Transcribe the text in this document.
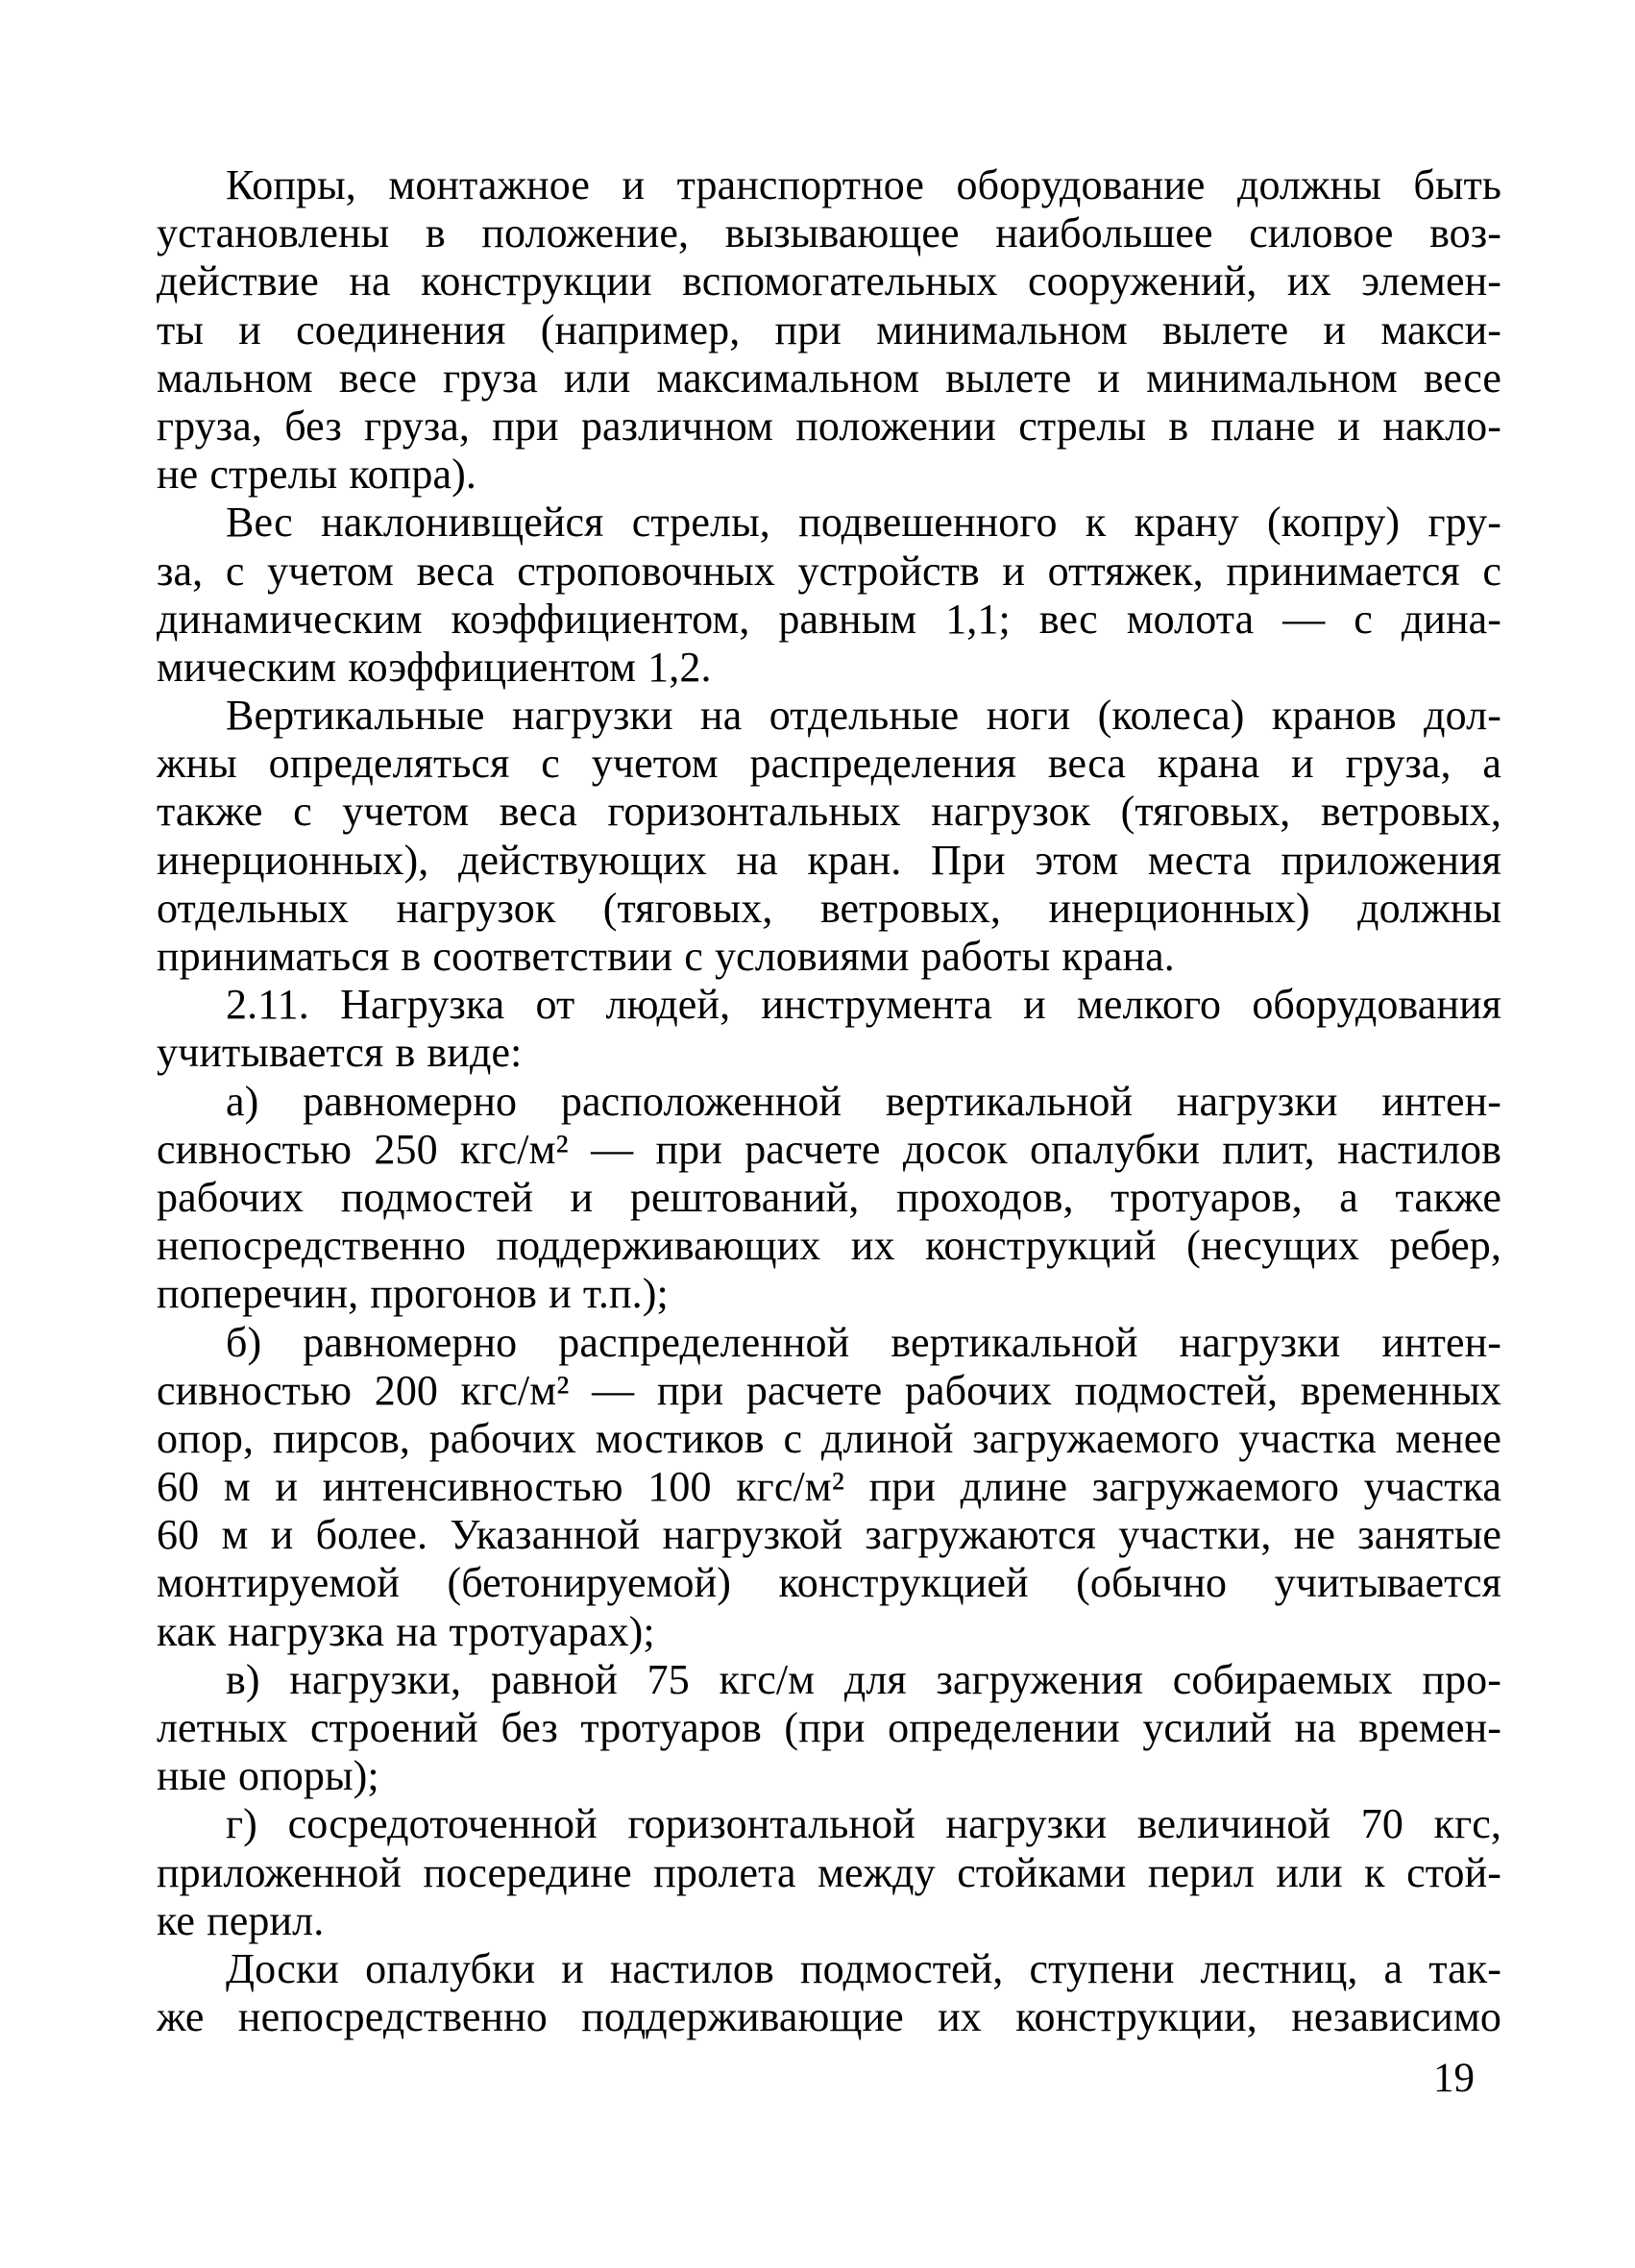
Копры, монтажное и транспортное оборудование должны быть
установлены в положение, вызывающее наибольшее силовое воз-
действие на конструкции вспомогательных сооружений, их элемен-
ты и соединения (например, при минимальном вылете и макси-
мальном весе груза или максимальном вылете и минимальном весе
груза, без груза, при различном положении стрелы в плане и накло-
не стрелы копра).
Вес наклонивщейся стрелы, подвешенного к крану (копру) гру-
за, с учетом веса строповочных устройств и оттяжек, принимается с
динамическим коэффициентом, равным 1,1; вес молота — с дина-
мическим коэффициентом 1,2.
Вертикальные нагрузки на отдельные ноги (колеса) кранов дол-
жны определяться с учетом распределения веса крана и груза, а
также с учетом веса горизонтальных нагрузок (тяговых, ветровых,
инерционных), действующих на кран. При этом места приложения
отдельных нагрузок (тяговых, ветровых, инерционных) должны
приниматься в соответствии с условиями работы крана.
2.11. Нагрузка от людей, инструмента и мелкого оборудования
учитывается в виде:
а) равномерно расположенной вертикальной нагрузки интен-
сивностью 250 кгс/м² — при расчете досок опалубки плит, настилов
рабочих подмостей и рештований, проходов, тротуаров, а также
непосредственно поддерживающих их конструкций (несущих ребер,
поперечин, прогонов и т.п.);
б) равномерно распределенной вертикальной нагрузки интен-
сивностью 200 кгс/м² — при расчете рабочих подмостей, временных
опор, пирсов, рабочих мостиков с длиной загружаемого участка менее
60 м и интенсивностью 100 кгс/м² при длине загружаемого участка
60 м и более. Указанной нагрузкой загружаются участки, не занятые
монтируемой (бетонируемой) конструкцией (обычно учитывается
как нагрузка на тротуарах);
в) нагрузки, равной 75 кгс/м для загружения собираемых про-
летных строений без тротуаров (при определении усилий на времен-
ные опоры);
г) сосредоточенной горизонтальной нагрузки величиной 70 кгс,
приложенной посередине пролета между стойками перил или к стой-
ке перил.
Доски опалубки и настилов подмостей, ступени лестниц, а так-
же непосредственно поддерживающие их конструкции, независимо
19
